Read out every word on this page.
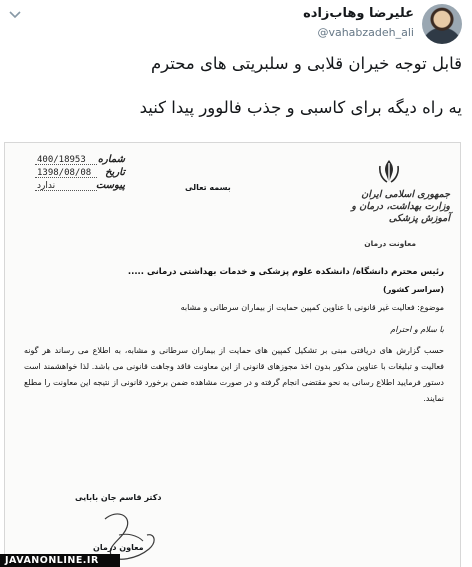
علیرضا وهاب‌زاده
@vahabzadeh_ali
قابل توجه خیران قلابی و سلبریتی های محترم
یه راه دیگه برای کاسبی و جذب فالوور پیدا کنید
400/18953 شماره
1398/08/08 تاریخ
ندارد	پیوست	بسمه تعالی
جمهوری اسلامی ایران
وزارت بهداشت، درمان و آموزش پزشکی
معاونت درمان
رئیس محترم دانشگاه/ دانشکده علوم پزشکی و خدمات بهداشتی درمانی .....
(سراسر کشور)
موضوع: فعالیت غیر قانونی با عناوین کمپین حمایت از بیماران سرطانی و مشابه
با سلام و احترام
حسب گزارش های دریافتی مبنی بر تشکیل کمپین های حمایت از بیماران سرطانی و مشابه، به اطلاع می رساند هر گونه فعالیت و تبلیغات با عناوین مذکور بدون اخذ مجوزهای قانونی از این معاونت فاقد وجاهت قانونی می باشد. لذا خواهشمند است دستور فرمایید اطلاع رسانی به نحو مقتضی انجام گرفته و در صورت مشاهده ضمن برخورد قانونی از نتیجه این معاونت را مطلع نمایند.
دکتر قاسم جان بابایی
معاون درمان
JAVANONLINE.IR
